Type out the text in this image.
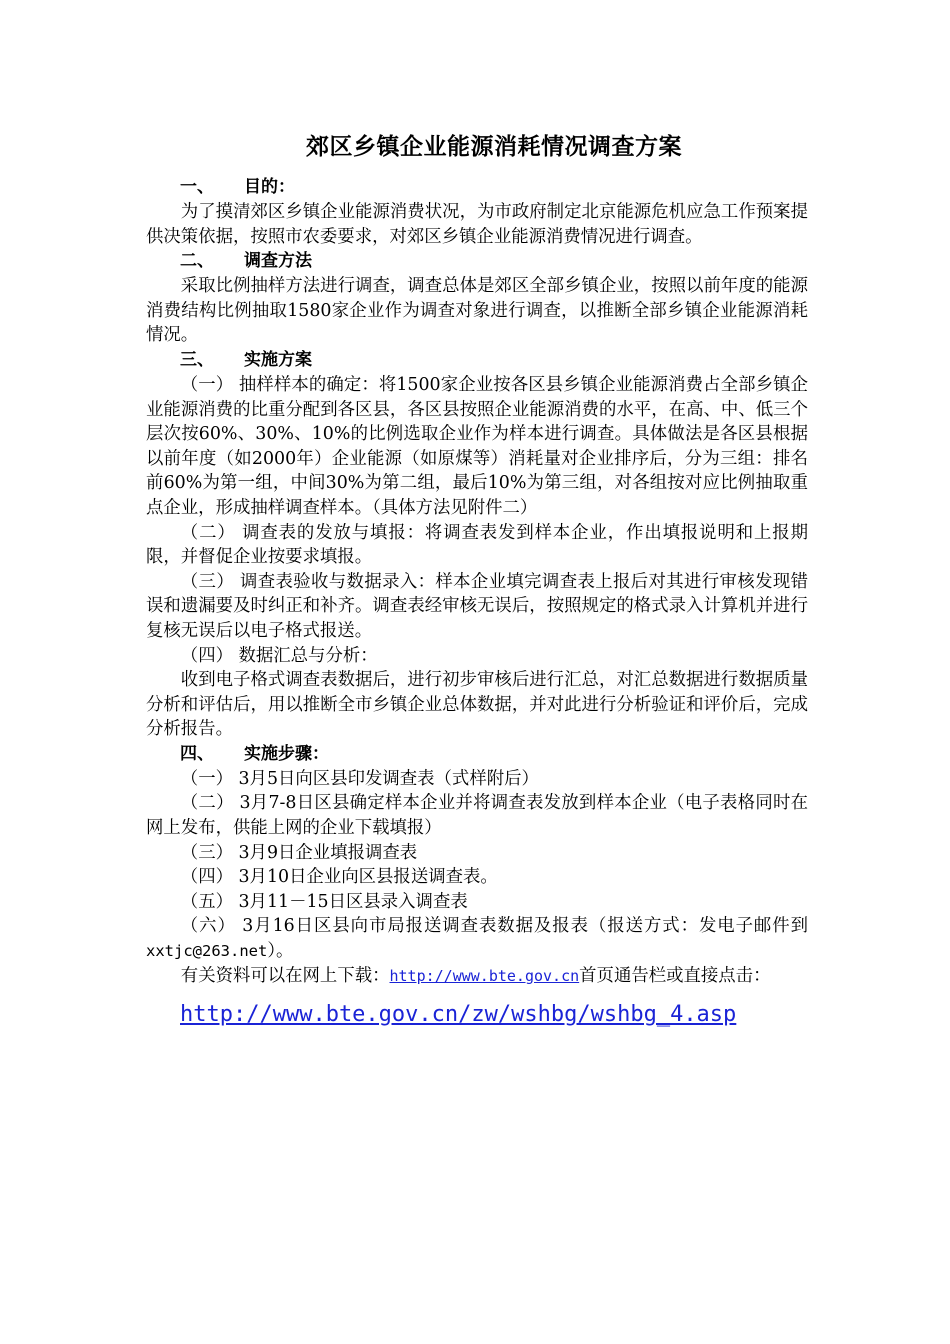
郊区乡镇企业能源消耗情况调查方案
一、 目的：

为了摸清郊区乡镇企业能源消费状况，为市政府制定北京能源危机应急工作预案提供决策依据，按照市农委要求，对郊区乡镇企业能源消费情况进行调查。

二、 调查方法

采取比例抽样方法进行调查，调查总体是郊区全部乡镇企业，按照以前年度的能源消费结构比例抽取1580家企业作为调查对象进行调查，以推断全部乡镇企业能源消耗情况。

三、 实施方案

（一） 抽样样本的确定：将1500家企业按各区县乡镇企业能源消费占全部乡镇企业能源消费的比重分配到各区县，各区县按照企业能源消费的水平，在高、中、低三个层次按60%、30%、10%的比例选取企业作为样本进行调查。具体做法是各区县根据以前年度（如2000年）企业能源（如原煤等）消耗量对企业排序后，分为三组：排名前60%为第一组，中间30%为第二组，最后10%为第三组，对各组按对应比例抽取重点企业，形成抽样调查样本。（具体方法见附件二）

（二） 调查表的发放与填报：将调查表发到样本企业，作出填报说明和上报期限，并督促企业按要求填报。

（三） 调查表验收与数据录入：样本企业填完调查表上报后对其进行审核发现错误和遗漏要及时纠正和补齐。调查表经审核无误后，按照规定的格式录入计算机并进行复核无误后以电子格式报送。

（四） 数据汇总与分析：

收到电子格式调查表数据后，进行初步审核后进行汇总，对汇总数据进行数据质量分析和评估后，用以推断全市乡镇企业总体数据，并对此进行分析验证和评价后，完成分析报告。

四、 实施步骤：

（一） 3月5日向区县印发调查表（式样附后）

（二） 3月7-8日区县确定样本企业并将调查表发放到样本企业（电子表格同时在网上发布，供能上网的企业下载填报）

（三） 3月9日企业填报调查表

（四） 3月10日企业向区县报送调查表。

（五） 3月11－15日区县录入调查表

（六） 3月16日区县向市局报送调查表数据及报表（报送方式：发电子邮件到xxtjc@263.net）。

有关资料可以在网上下载：http://www.bte.gov.cn首页通告栏或直接点击：

http://www.bte.gov.cn/zw/wshbg/wshbg_4.asp
